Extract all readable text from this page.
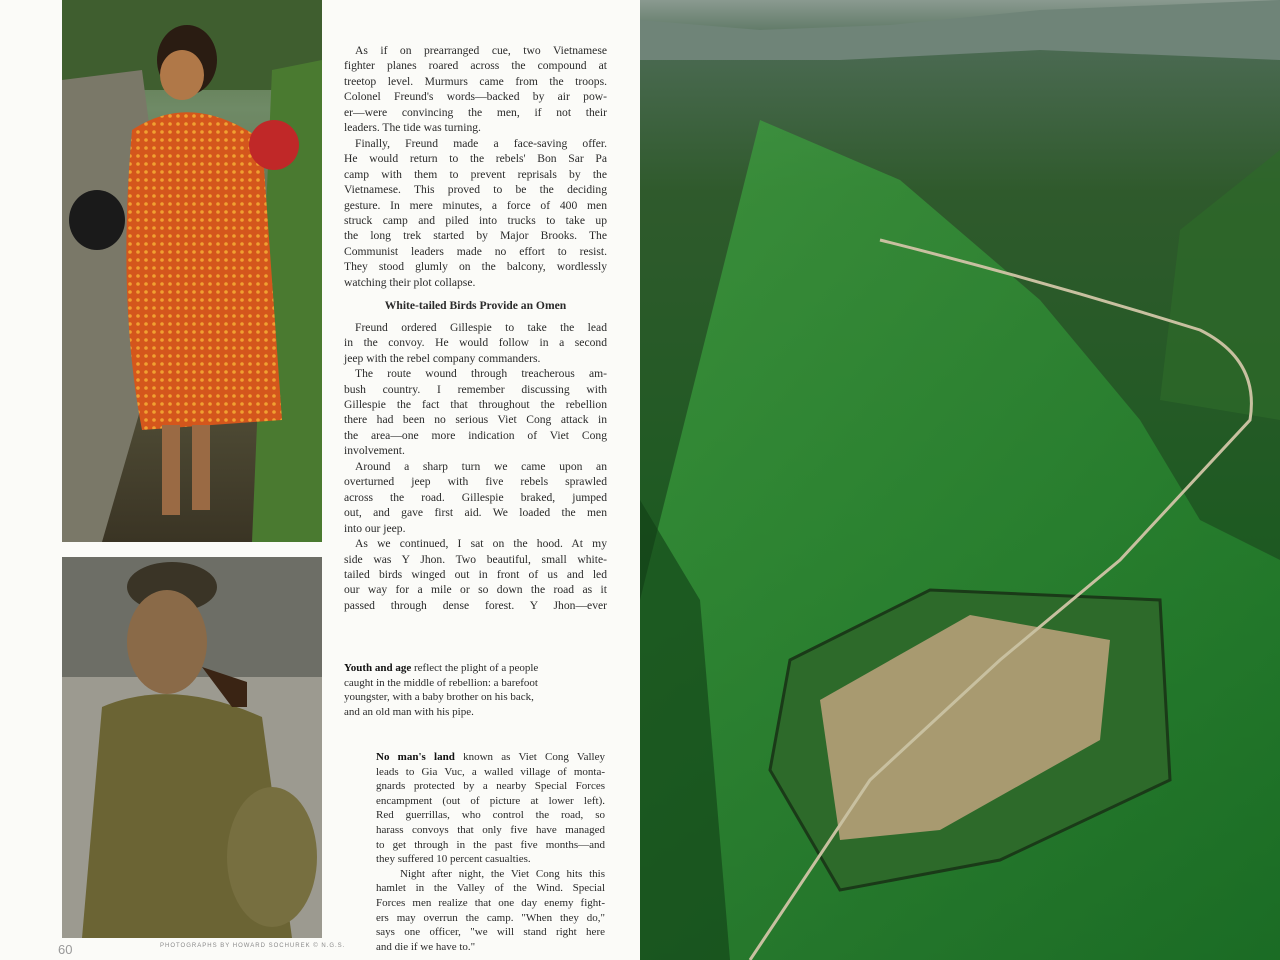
As if on prearranged cue, two Vietnamese
fighter planes roared across the compound at
treetop level. Murmurs came from the troops.
Colonel Freund's words—backed by air pow-
er—were convincing the men, if not their
leaders. The tide was turning.
Finally, Freund made a face-saving offer.
He would return to the rebels' Bon Sar Pa
camp with them to prevent reprisals by the
Vietnamese. This proved to be the deciding
gesture. In mere minutes, a force of 400 men
struck camp and piled into trucks to take up
the long trek started by Major Brooks. The
Communist leaders made no effort to resist.
They stood glumly on the balcony, wordlessly
watching their plot collapse.
White-tailed Birds Provide an Omen
Freund ordered Gillespie to take the lead
in the convoy. He would follow in a second
jeep with the rebel company commanders.
The route wound through treacherous am-
bush country. I remember discussing with
Gillespie the fact that throughout the rebellion
there had been no serious Viet Cong attack in
the area—one more indication of Viet Cong
involvement.
Around a sharp turn we came upon an
overturned jeep with five rebels sprawled
across the road. Gillespie braked, jumped
out, and gave first aid. We loaded the men
into our jeep.
As we continued, I sat on the hood. At my
side was Y Jhon. Two beautiful, small white-
tailed birds winged out in front of us and led
our way for a mile or so down the road as it
passed through dense forest. Y Jhon—ever
Youth and age reflect the plight of a people
caught in the middle of rebellion: a barefoot
youngster, with a baby brother on his back,
and an old man with his pipe.
No man's land known as Viet Cong Valley
leads to Gia Vuc, a walled village of monta-
gnards protected by a nearby Special Forces
encampment (out of picture at lower left).
Red guerrillas, who control the road, so
harass convoys that only five have managed
to get through in the past five months—and
they suffered 10 percent casualties.
Night after night, the Viet Cong hits this
hamlet in the Valley of the Wind. Special
Forces men realize that one day enemy fight-
ers may overrun the camp. "When they do,"
says one officer, "we will stand right here
and die if we have to."
60	PHOTOGRAPHS BY HOWARD SOCHUREK © N.G.S.
